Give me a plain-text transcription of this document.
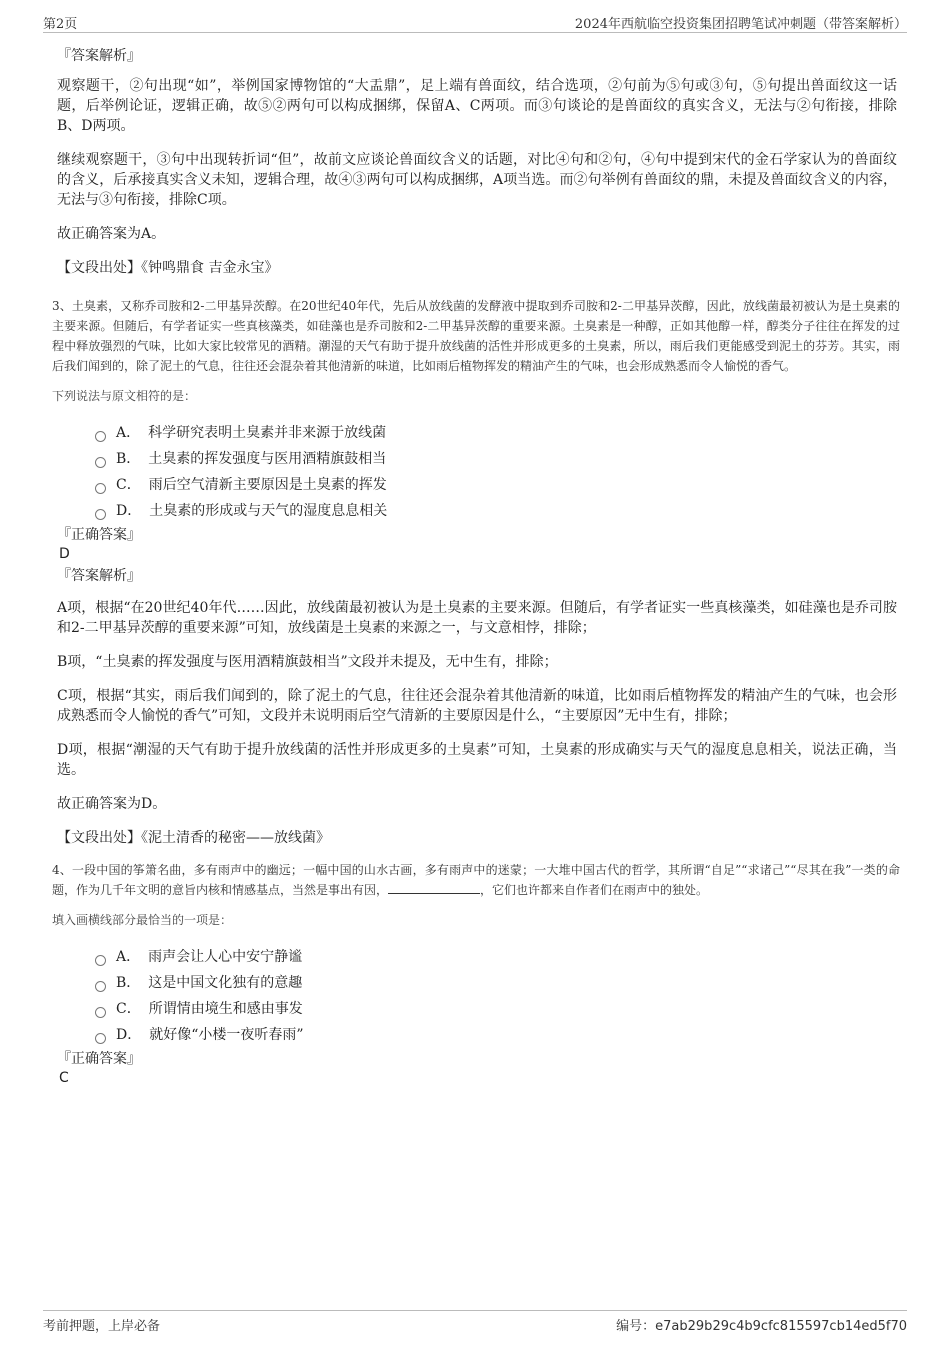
第2页	2024年西航临空投资集团招聘笔试冲刺题（带答案解析）

『答案解析』

观察题干，②句出现“如”，举例国家博物馆的“大盂鼎”，足上端有兽面纹，结合选项，②句前为⑤句或③句，⑤句提出兽面纹这一话题，后举例论证，逻辑正确，故⑤②两句可以构成捆绑，保留A、C两项。而③句谈论的是兽面纹的真实含义，无法与②句衔接，排除B、D两项。

继续观察题干，③句中出现转折词“但”，故前文应谈论兽面纹含义的话题，对比④句和②句，④句中提到宋代的金石学家认为的兽面纹的含义，后承接真实含义未知，逻辑合理，故④③两句可以构成捆绑，A项当选。而②句举例有兽面纹的鼎，未提及兽面纹含义的内容，无法与③句衔接，排除C项。

故正确答案为A。

【文段出处】《钟鸣鼎食 吉金永宝》

3、土臭素，又称乔司胺和2-二甲基异茨醇。在20世纪40年代，先后从放线菌的发酵液中提取到乔司胺和2-二甲基异茨醇，因此，放线菌最初被认为是土臭素的主要来源。但随后，有学者证实一些真核藻类，如硅藻也是乔司胺和2-二甲基异茨醇的重要来源。土臭素是一种醇，正如其他醇一样，醇类分子往往在挥发的过程中释放强烈的气味，比如大家比较常见的酒精。潮湿的天气有助于提升放线菌的活性并形成更多的土臭素，所以，雨后我们更能感受到泥土的芬芳。其实，雨后我们闻到的，除了泥土的气息，往往还会混杂着其他清新的味道，比如雨后植物挥发的精油产生的气味，也会形成熟悉而令人愉悦的香气。

下列说法与原文相符的是：

A． 科学研究表明土臭素并非来源于放线菌
B． 土臭素的挥发强度与医用酒精旗鼓相当
C． 雨后空气清新主要原因是土臭素的挥发
D． 土臭素的形成或与天气的湿度息息相关

『正确答案』

D

『答案解析』

A项，根据“在20世纪40年代……因此，放线菌最初被认为是土臭素的主要来源。但随后，有学者证实一些真核藻类，如硅藻也是乔司胺和2-二甲基异茨醇的重要来源”可知，放线菌是土臭素的来源之一，与文意相悖，排除；

B项，“土臭素的挥发强度与医用酒精旗鼓相当”文段并未提及，无中生有，排除；

C项，根据“其实，雨后我们闻到的，除了泥土的气息，往往还会混杂着其他清新的味道，比如雨后植物挥发的精油产生的气味，也会形成熟悉而令人愉悦的香气”可知，文段并未说明雨后空气清新的主要原因是什么，“主要原因”无中生有，排除；

D项，根据“潮湿的天气有助于提升放线菌的活性并形成更多的土臭素”可知，土臭素的形成确实与天气的湿度息息相关，说法正确，当选。

故正确答案为D。

【文段出处】《泥土清香的秘密——放线菌》

4、一段中国的筝箫名曲，多有雨声中的幽远；一幅中国的山水古画，多有雨声中的迷蒙；一大堆中国古代的哲学，其所谓“自足”“求诸己”“尽其在我”一类的命题，作为几千年文明的意旨内核和情感基点，当然是事出有因，	，它们也许都来自作者们在雨声中的独处。

填入画横线部分最恰当的一项是：

A． 雨声会让人心中安宁静谧
B． 这是中国文化独有的意趣
C． 所谓情由境生和感由事发
D． 就好像“小楼一夜听春雨”

『正确答案』

C

考前押题，上岸必备	编号：e7ab29b29c4b9cfc815597cb14ed5f70
